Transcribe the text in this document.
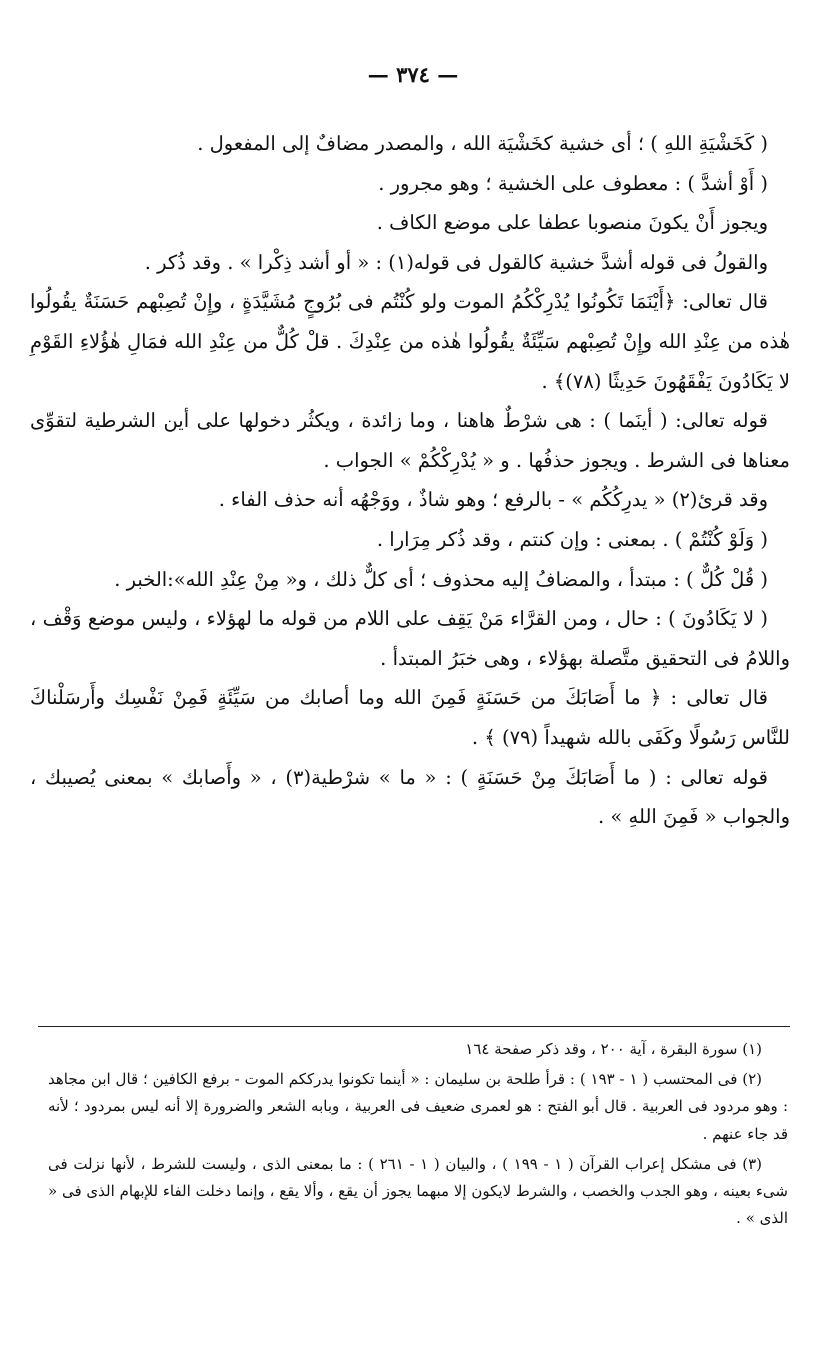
— ٣٧٤ —

( كَخَشْيَةِ اللهِ ) ؛ أى خشية كخَشْيَة الله ، والمصدر مضافٌ إلى المفعول .

( أَوْ أشدَّ ) : معطوف على الخشية ؛ وهو مجرور .

ويجوز أَنْ يكونَ منصوبا عطفا على موضع الكاف .

والقولُ فى قوله أشدَّ خشية كالقول فى قوله(١) : « أو أشد ذِكْرا » . وقد ذُكر .

قال تعالى: ﴿أَيْنَمَا تَكُونُوا يُدْرِكْكُمُ الموت ولو كُنْتُم فى بُرُوجٍ مُشَيَّدَةٍ ، وإِنْ تُصِبْهم حَسَنَةٌ يقُولُوا هٰذه من عِنْدِ الله وإِنْ تُصِبْهم سَيِّئَةٌ يقُولُوا هٰذه من عِنْدِكَ . قلْ كُلٌّ من عِنْدِ الله فمَالِ هٰؤُلاءِ القَوْمِ لا يَكَادُونَ يَفْقَهُونَ حَدِيثًا (٧٨)﴾ .

قوله تعالى: ( أينَما ) : هى شرْطٌ هاهنا ، وما زائدة ، ويكثُر دخولها على أين الشرطية لتقوِّى معناها فى الشرط . ويجوز حذفُها . و « يُدْرِكْكُمْ » الجواب .

وقد قرئ(٢) « يدرِكُكُم » - بالرفع ؛ وهو شاذٌ ، ووَجْهُه أنه حذف الفاء .

( وَلَوْ كُنْتُمْ ) . بمعنى : وإن كنتم ، وقد ذُكر مِرَارا .

( قُلْ كُلٌّ ) : مبتدأ ، والمضافُ إليه محذوف ؛ أى كلٌّ ذلك ، و« مِنْ عِنْدِ الله»:الخبر .

( لا يَكَادُونَ ) : حال ، ومن القرَّاء مَنْ يَقِف على اللام من قوله ما لهؤلاء ، وليس موضع وَقْف ، واللامُ فى التحقيق متَّصلة بهؤلاء ، وهى خبَرُ المبتدأ .

قال تعالى : ﴿ ما أَصَابَكَ من حَسَنَةٍ فَمِنَ الله وما أصابك من سَيِّئَةٍ فَمِنْ نَفْسِك وأَرسَلْناكَ للنَّاس رَسُولًا وكَفَى بالله شهيداً (٧٩) ﴾ .

قوله تعالى : ( ما أَصَابَكَ مِنْ حَسَنَةٍ ) : « ما » شرْطية(٣) ، « وأَصابك » بمعنى يُصيبك ، والجواب « فَمِنَ اللهِ » .

(١) سورة البقرة ، آية ٢٠٠ ، وقد ذكر صفحة ١٦٤

(٢) فى المحتسب ( ١ - ١٩٣ ) : قرأ طلحة بن سليمان : « أينما تكونوا يدرككم الموت - برفع الكافين ؛ قال ابن مجاهد : وهو مردود فى العربية . قال أبو الفتح : هو لعمرى ضعيف فى العربية ، وبابه الشعر والضرورة إلا أنه ليس بمردود ؛ لأنه قد جاء عنهم .

(٣) فى مشكل إعراب القرآن ( ١ - ١٩٩ ) ، والبيان ( ١ - ٢٦١ ) : ما بمعنى الذى ، وليست للشرط ، لأنها نزلت فى شىء بعينه ، وهو الجدب والخصب ، والشرط لايكون إلا مبهما يجوز أن يقع ، وألا يقع ، وإنما دخلت الفاء للإبهام الذى فى « الذى » .
